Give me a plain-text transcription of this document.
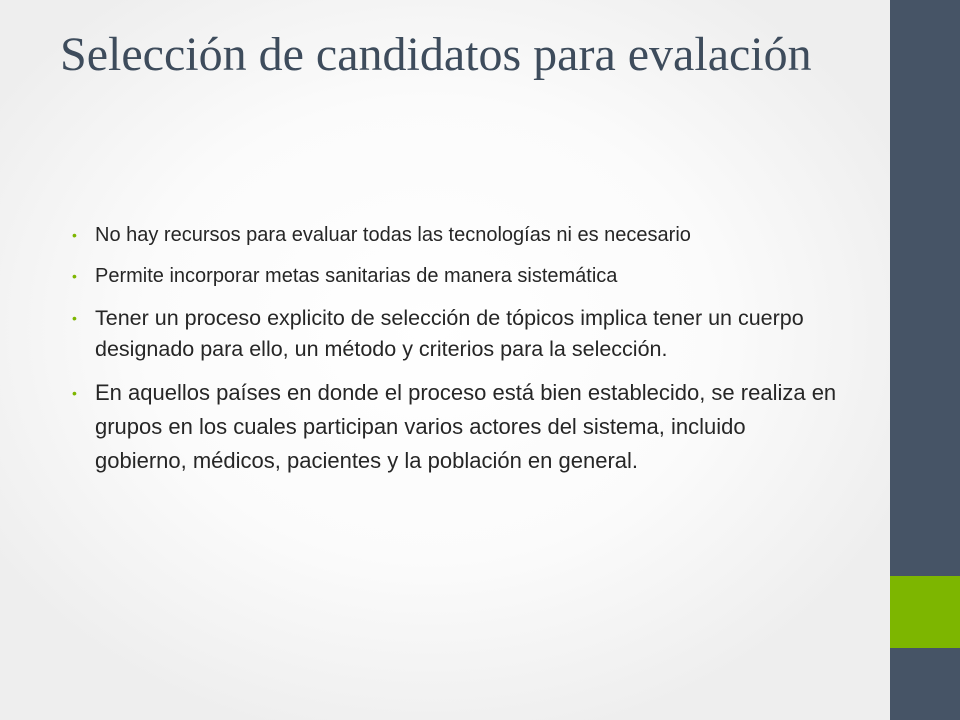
Selección de candidatos para evalación
• No hay recursos para evaluar todas las tecnologías ni es necesario
• Permite incorporar metas sanitarias de manera sistemática
• Tener un proceso explicito de selección de tópicos implica tener un cuerpo designado para ello, un método y criterios para la selección.
• En aquellos países en donde el proceso está bien establecido, se realiza en grupos en los cuales participan varios actores del sistema, incluido gobierno, médicos, pacientes y la población en general.
